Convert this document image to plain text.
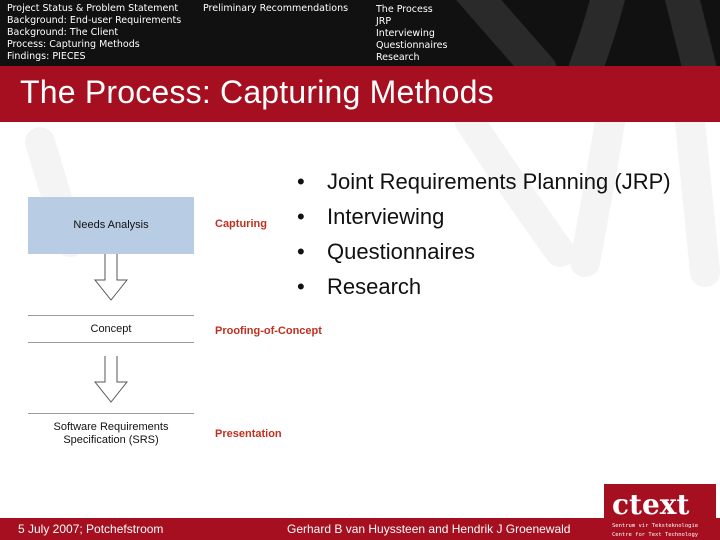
Project Status & Problem Statement
Background: End-user Requirements
Background: The Client
Process: Capturing Methods
Findings: PIECES
Preliminary Recommendations	The Process
JRP
Interviewing
Questionnaires
Research
The Process: Capturing Methods
Needs Analysis
Concept
Software Requirements Specification (SRS)
Capturing
Proofing-of-Concept
Presentation
• Joint Requirements Planning (JRP)
• Interviewing
• Questionnaires
• Research
5 July 2007; Potchefstroom	Gerhard B van Huyssteen and Hendrik J Groenewald
ctext
Sentrum vir Teksteknologie
Centre for Text Technology
